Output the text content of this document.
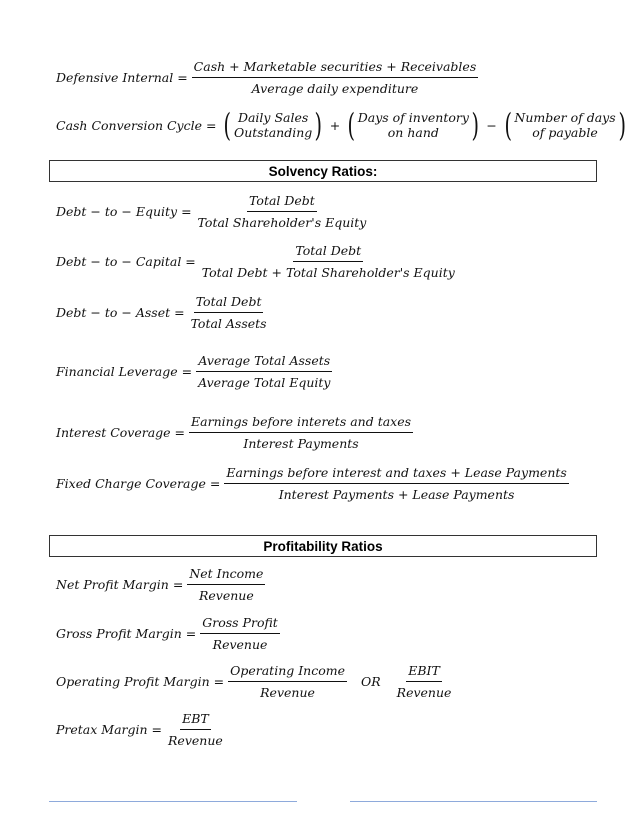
Defensive Internal = $\frac{\text{Cash + Marketable securities + Receivables}}{\text{Average daily expenditure}}$
Cash Conversion Cycle = ( Daily Sales
Outstanding ) + ( Days of inventory
on hand ) − ( Number of days
of payable )
Solvency Ratios:
Debt − to − Equity = $\frac{\text{Total Debt}}{\text{Total Shareholder's Equity}}$
Debt − to − Capital = $\frac{\text{Total Debt}}{\text{Total Debt + Total Shareholder's Equity}}$
Debt − to − Asset = $\frac{\text{Total Debt}}{\text{Total Assets}}$
Financial Leverage = $\frac{\text{Average Total Assets}}{\text{Average Total Equity}}$
Interest Coverage = $\frac{\text{Earnings before interets and taxes}}{\text{Interest Payments}}$
Fixed Charge Coverage = $\frac{\text{Earnings before interest and taxes + Lease Payments}}{\text{Interest Payments + Lease Payments}}$
Profitability Ratios
Net Profit Margin = $\frac{\text{Net Income}}{\text{Revenue}}$
Gross Profit Margin = $\frac{\text{Gross Profit}}{\text{Revenue}}$
Operating Profit Margin = $\frac{\text{Operating Income}}{\text{Revenue}}$ OR $\frac{\text{EBIT}}{\text{Revenue}}$
Pretax Margin = $\frac{\text{EBT}}{\text{Revenue}}$
